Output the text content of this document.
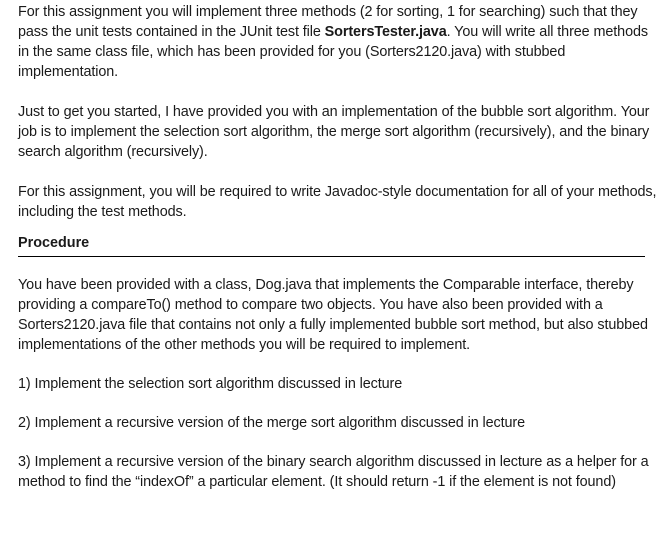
For this assignment you will implement three methods (2 for sorting, 1 for searching) such that they pass the unit tests contained in the JUnit test file SortersTester.java. You will write all three methods in the same class file, which has been provided for you (Sorters2120.java) with stubbed implementation.

Just to get you started, I have provided you with an implementation of the bubble sort algorithm. Your job is to implement the selection sort algorithm, the merge sort algorithm (recursively), and the binary search algorithm (recursively).

For this assignment, you will be required to write Javadoc-style documentation for all of your methods, including the test methods.

Procedure

You have been provided with a class, Dog.java that implements the Comparable interface, thereby providing a compareTo() method to compare two objects. You have also been provided with a Sorters2120.java file that contains not only a fully implemented bubble sort method, but also stubbed implementations of the other methods you will be required to implement.

1) Implement the selection sort algorithm discussed in lecture

2) Implement a recursive version of the merge sort algorithm discussed in lecture

3) Implement a recursive version of the binary search algorithm discussed in lecture as a helper for a method to find the “indexOf” a particular element. (It should return -1 if the element is not found)
